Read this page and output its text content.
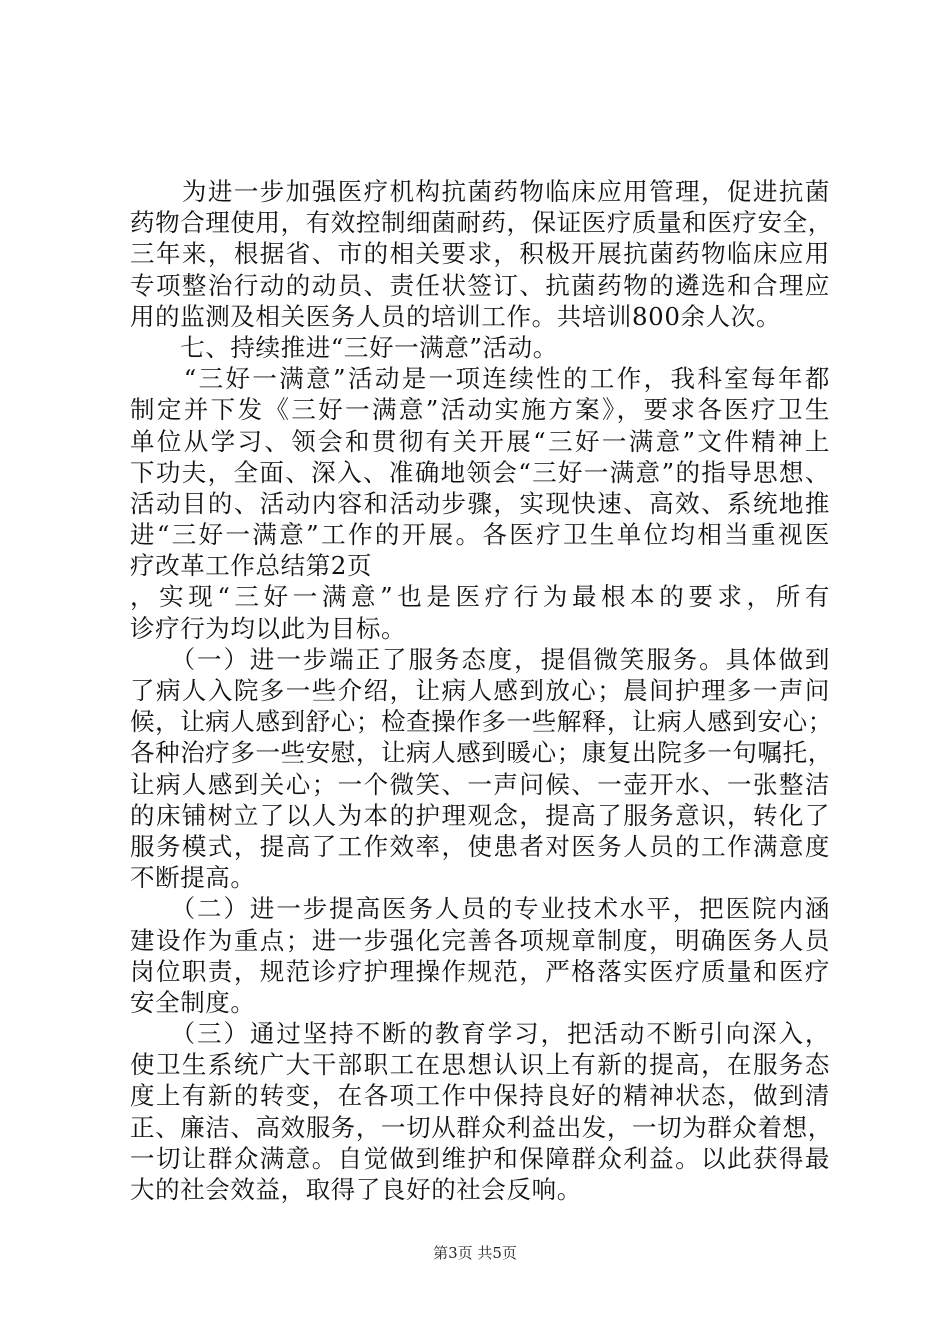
　　为进一步加强医疗机构抗菌药物临床应用管理，促进抗菌
药物合理使用，有效控制细菌耐药，保证医疗质量和医疗安全，
三年来，根据省、市的相关要求，积极开展抗菌药物临床应用
专项整治行动的动员、责任状签订、抗菌药物的遴选和合理应
用的监测及相关医务人员的培训工作。共培训800余人次。
　　七、持续推进“三好一满意”活动。
　　“三好一满意”活动是一项连续性的工作，我科室每年都
制定并下发《三好一满意”活动实施方案》，要求各医疗卫生
单位从学习、领会和贯彻有关开展“三好一满意”文件精神上
下功夫，全面、深入、准确地领会“三好一满意”的指导思想、
活动目的、活动内容和活动步骤，实现快速、高效、系统地推
进“三好一满意”工作的开展。各医疗卫生单位均相当重视医
疗改革工作总结第2页
，实现“三好一满意”也是医疗行为最根本的要求，所有
诊疗行为均以此为目标。
　　（一）进一步端正了服务态度，提倡微笑服务。具体做到
了病人入院多一些介绍，让病人感到放心；晨间护理多一声问
候，让病人感到舒心；检查操作多一些解释，让病人感到安心；
各种治疗多一些安慰，让病人感到暖心；康复出院多一句嘱托，
让病人感到关心；一个微笑、一声问候、一壶开水、一张整洁
的床铺树立了以人为本的护理观念，提高了服务意识，转化了
服务模式，提高了工作效率，使患者对医务人员的工作满意度
不断提高。
　　（二）进一步提高医务人员的专业技术水平，把医院内涵
建设作为重点；进一步强化完善各项规章制度，明确医务人员
岗位职责，规范诊疗护理操作规范，严格落实医疗质量和医疗
安全制度。
　　（三）通过坚持不断的教育学习，把活动不断引向深入，
使卫生系统广大干部职工在思想认识上有新的提高，在服务态
度上有新的转变，在各项工作中保持良好的精神状态，做到清
正、廉洁、高效服务，一切从群众利益出发，一切为群众着想，
一切让群众满意。自觉做到维护和保障群众利益。以此获得最
大的社会效益，取得了良好的社会反响。
第3页 共5页
